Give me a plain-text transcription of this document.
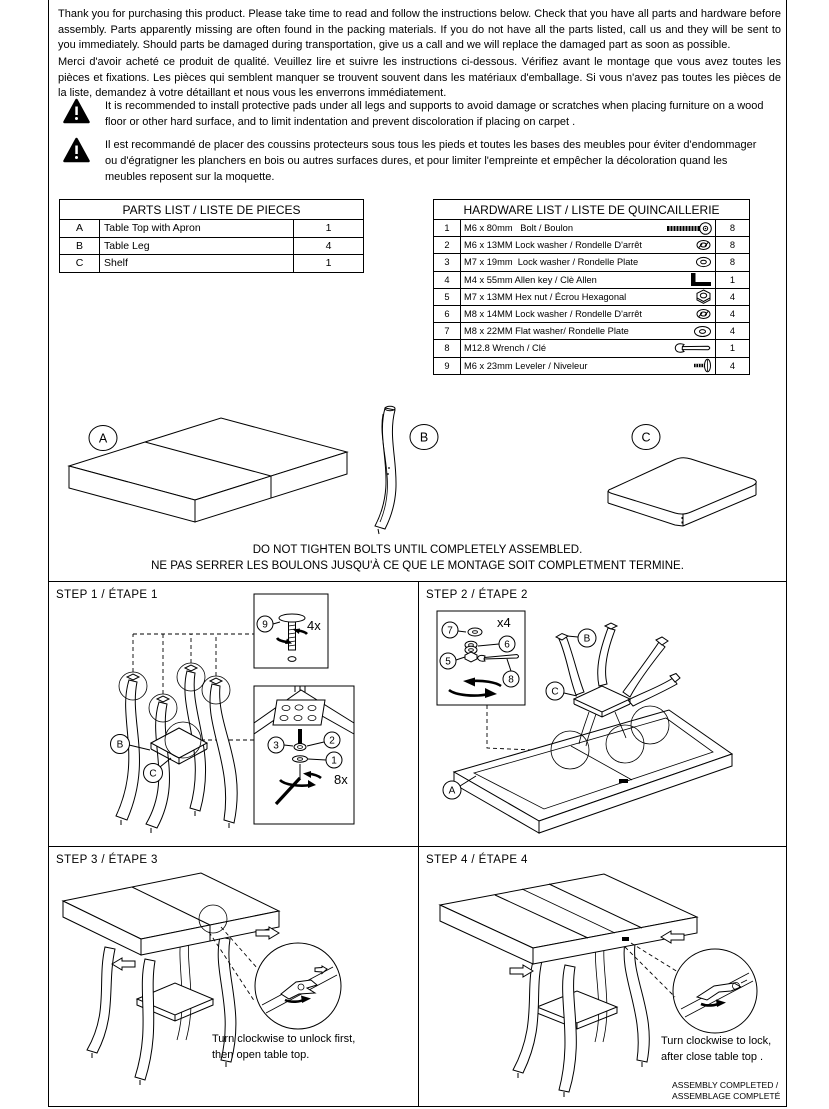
Thank you for purchasing this product. Please take time to read and follow the instructions below. Check that you have all parts and hardware before assembly. Parts apparently missing are often found in the packing materials. If you do not have all the parts listed, call us and they will be sent to you immediately. Should parts be damaged during transportation, give us a call and we will replace the damaged part as soon as possible.

Merci d'avoir acheté ce produit de qualité. Veuillez lire et suivre les instructions ci-dessous. Vérifiez avant le montage que vous avez toutes les pièces et fixations. Les pièces qui semblent manquer se trouvent souvent dans les matériaux d'emballage. Si vous n'avez pas toutes les pièces de la liste, demandez à votre détaillant et nous vous les enverrons immédiatement.

It is recommended to install protective pads under all legs and supports to avoid damage or scratches when placing furniture on a wood floor or other hard surface, and to limit indentation and prevent discoloration if placing on carpet .
Il est recommandé de placer des coussins protecteurs sous tous les pieds et toutes les bases des meubles pour éviter d'endommager ou d'égratigner les planchers en bois ou autres surfaces dures, et pour limiter l'empreinte et empêcher la décoloration quand les meubles reposent sur la moquette.
PARTS LIST / LISTE DE PIECES		
A	Table Top with Apron	1
B	Table Leg	4
C	Shelf	1
HARDWARE LIST / LISTE DE QUINCAILLERIE		
1	M6 x 80mm   Bolt / Boulon	8
2	M6 x 13MM Lock washer / Rondelle D'arrêt	8
3	M7 x 19mm  Lock washer / Rondelle Plate	8
4	M4 x 55mm Allen key / Clè Allen	1
5	M7 x 13MM Hex nut / Écrou Hexagonal	4
6	M8 x 14MM Lock washer / Rondelle D'arrêt	4
7	M8 x 22MM Flat washer/ Rondelle Plate	4
8	M12.8 Wrench / Clé	1
9	M6 x 23mm Leveler / Niveleur	4
A	B	C
DO NOT TIGHTEN BOLTS UNTIL COMPLETELY ASSEMBLED.
NE PAS SERRER LES BOULONS JUSQU'À CE QUE LE MONTAGE SOIT COMPLETMENT TERMINE.
B
C
9	4x
3	2
1
8x
STEP 1 / ÉTAPE 1
x4
7
6
5
8
B
C
A
STEP 2 / ÉTAPE 2
STEP 3 / ÉTAPE 3
Turn clockwise to unlock first,
then open table top.
STEP 4 / ÉTAPE 4
Turn clockwise to lock,
after close table top .
ASSEMBLY COMPLETED /
ASSEMBLAGE COMPLETÉ
